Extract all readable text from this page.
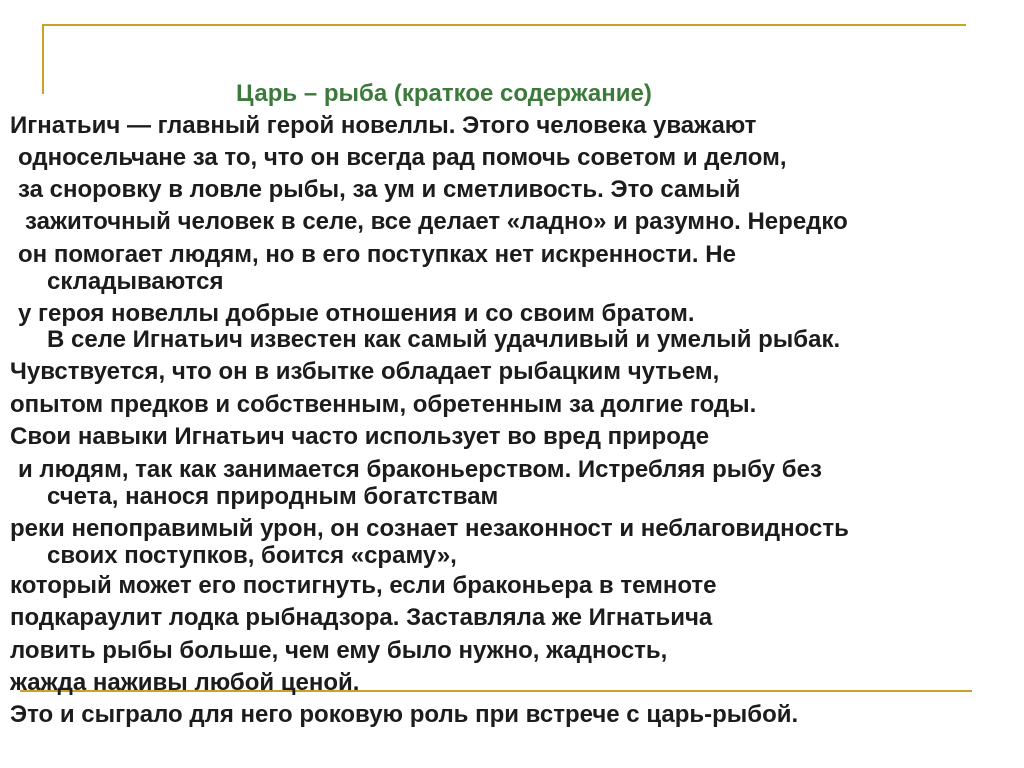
Царь – рыба (краткое содержание)

Игнатьич — главный герой новеллы. Этого человека уважают

односельчане за то, что он всегда рад помочь советом и делом,

за сноровку в ловле рыбы, за ум и сметливость. Это самый

зажиточный человек в селе, все делает «ладно» и разумно. Нередко

он помогает людям, но в его поступках нет искренности. Не

складываются

у героя новеллы добрые отношения и со своим братом.

В селе Игнатьич известен как самый удачливый и умелый рыбак.

Чувствуется, что он в избытке обладает рыбацким чутьем,

опытом предков и собственным, обретенным за долгие годы.

Свои навыки Игнатьич часто использует во вред природе

и людям, так как занимается браконьерством. Истребляя рыбу без

счета, нанося природным богатствам

реки непоправимый урон, он сознает незаконност и неблаговидность

своих поступков, боится «сраму»,

который может его постигнуть, если браконьера в темноте

подкараулит лодка рыбнадзора. Заставляла же Игнатьича

ловить рыбы больше, чем ему было нужно, жадность,

жажда наживы любой ценой.

Это и сыграло для него роковую роль при встрече с царь-рыбой.
